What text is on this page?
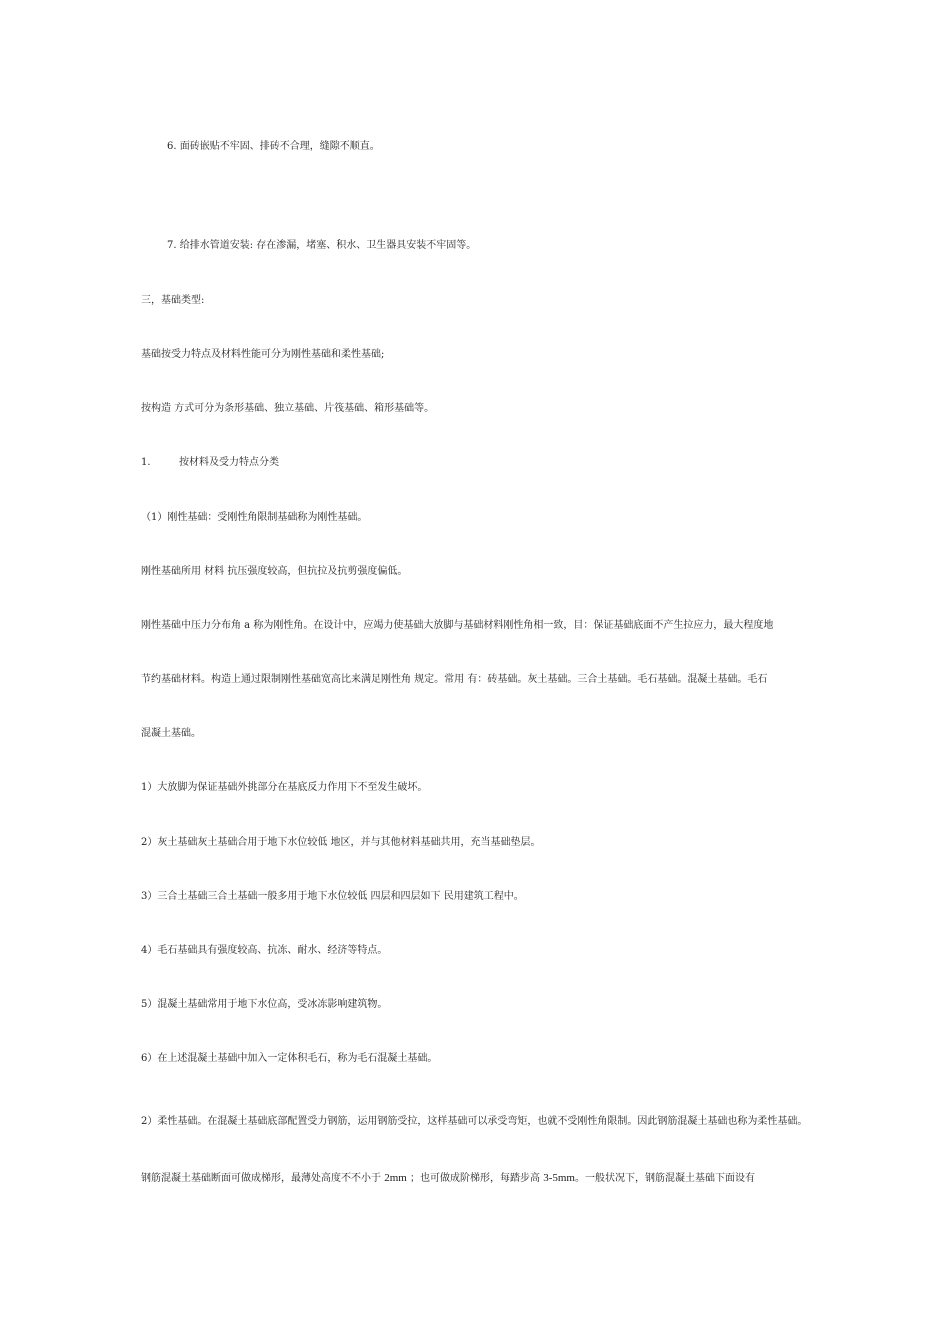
6. 面砖嵌贴不牢固、排砖不合理，缝隙不顺直。
7. 给排水管道安装: 存在渗漏，堵塞、积水、卫生器具安装不牢固等。
三，基础类型:
基础按受力特点及材料性能可分为刚性基础和柔性基础;
按构造 方式可分为条形基础、独立基础、片筏基础、箱形基础等。
1.	按材料及受力特点分类
（1）刚性基础：受刚性角限制基础称为刚性基础。
刚性基础所用 材料 抗压强度较高，但抗拉及抗剪强度偏低。
刚性基础中压力分布角 a 称为刚性角。在设计中，应竭力使基础大放脚与基础材料刚性角相一致，目：保证基础底面不产生拉应力，最大程度地
节约基础材料。构造上通过限制刚性基础宽高比来满足刚性角 规定。常用 有：砖基础。灰土基础。三合土基础。毛石基础。混凝土基础。毛石
混凝土基础。
1）大放脚为保证基础外挑部分在基底反力作用下不至发生破坏。
2）灰土基础灰土基础合用于地下水位较低 地区，并与其他材料基础共用，充当基础垫层。
3）三合土基础三合土基础一般多用于地下水位较低 四层和四层如下 民用建筑工程中。
4）毛石基础具有强度较高、抗冻、耐水、经济等特点。
5）混凝土基础常用于地下水位高，受冰冻影响建筑物。
6）在上述混凝土基础中加入一定体积毛石，称为毛石混凝土基础。
2）柔性基础。在混凝土基础底部配置受力钢筋，运用钢筋受拉，这样基础可以承受弯矩，也就不受刚性角限制。因此钢筋混凝土基础也称为柔性基础。
钢筋混凝土基础断面可做成梯形，最薄处高度不不小于 2mm ；也可做成阶梯形，每踏步高 3-5mm。一般状况下，钢筋混凝土基础下面设有
